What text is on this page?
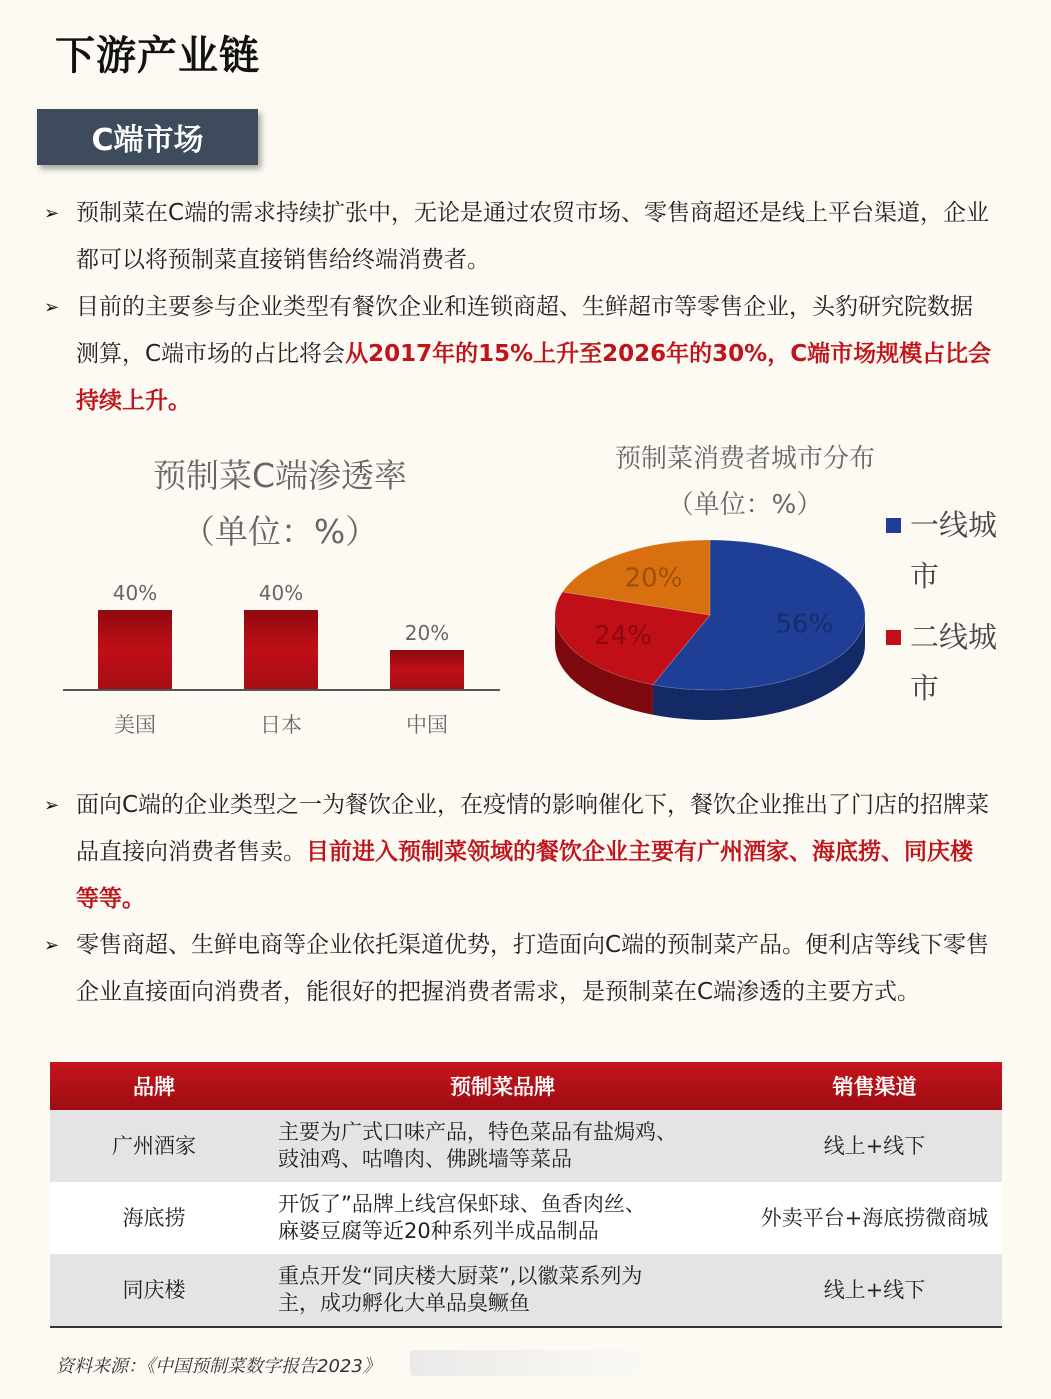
下游产业链
C端市场
➢ 预制菜在C端的需求持续扩张中，无论是通过农贸市场、零售商超还是线上平台渠道，企业都可以将预制菜直接销售给终端消费者。
➢ 目前的主要参与企业类型有餐饮企业和连锁商超、生鲜超市等零售企业，头豹研究院数据测算，C端市场的占比将会从2017年的15%上升至2026年的30%，C端市场规模占比会持续上升。
预制菜C端渗透率
（单位：%）
40%
美国
40%
日本
20%
中国
预制菜消费者城市分布
（单位：%）
56%
24%
20%
一线城市
二线城市
➢ 面向C端的企业类型之一为餐饮企业，在疫情的影响催化下，餐饮企业推出了门店的招牌菜品直接向消费者售卖。目前进入预制菜领域的餐饮企业主要有广州酒家、海底捞、同庆楼等等。
➢ 零售商超、生鲜电商等企业依托渠道优势，打造面向C端的预制菜产品。便利店等线下零售企业直接面向消费者，能很好的把握消费者需求，是预制菜在C端渗透的主要方式。
品牌	预制菜品牌	销售渠道
广州酒家	主要为广式口味产品，特色菜品有盐焗鸡、
豉油鸡、咕噜肉、佛跳墙等菜品	线上+线下
海底捞	开饭了”品牌上线宫保虾球、鱼香肉丝、
麻婆豆腐等近20种系列半成品制品	外卖平台+海底捞微商城
同庆楼	重点开发“同庆楼大厨菜”,以徽菜系列为
主，成功孵化大单品臭鳜鱼	线上+线下
资料来源：《中国预制菜数字报告2023》
